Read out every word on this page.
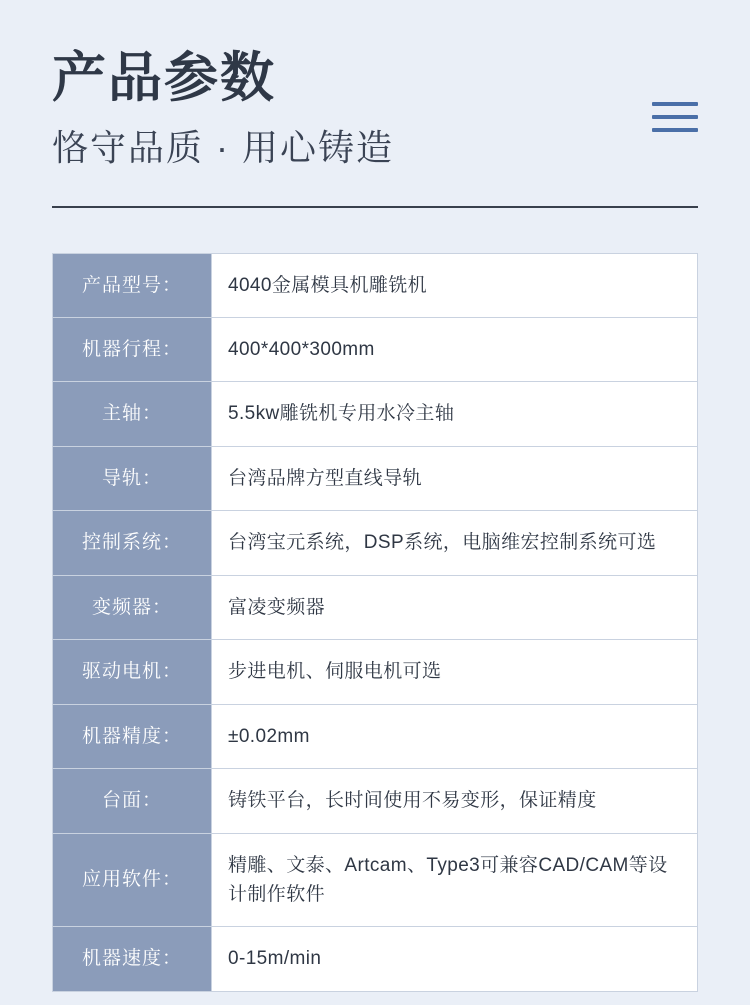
产品参数
恪守品质 · 用心铸造
产品型号：	4040金属模具机雕铣机
机器行程：	400*400*300mm
主轴：	5.5kw雕铣机专用水冷主轴
导轨：	台湾品牌方型直线导轨
控制系统：	台湾宝元系统，DSP系统，电脑维宏控制系统可选
变频器：	富凌变频器
驱动电机：	步进电机、伺服电机可选
机器精度：	±0.02mm
台面：	铸铁平台，长时间使用不易变形，保证精度
应用软件：	精雕、文泰、Artcam、Type3可兼容CAD/CAM等设计制作软件
机器速度：	0-15m/min
